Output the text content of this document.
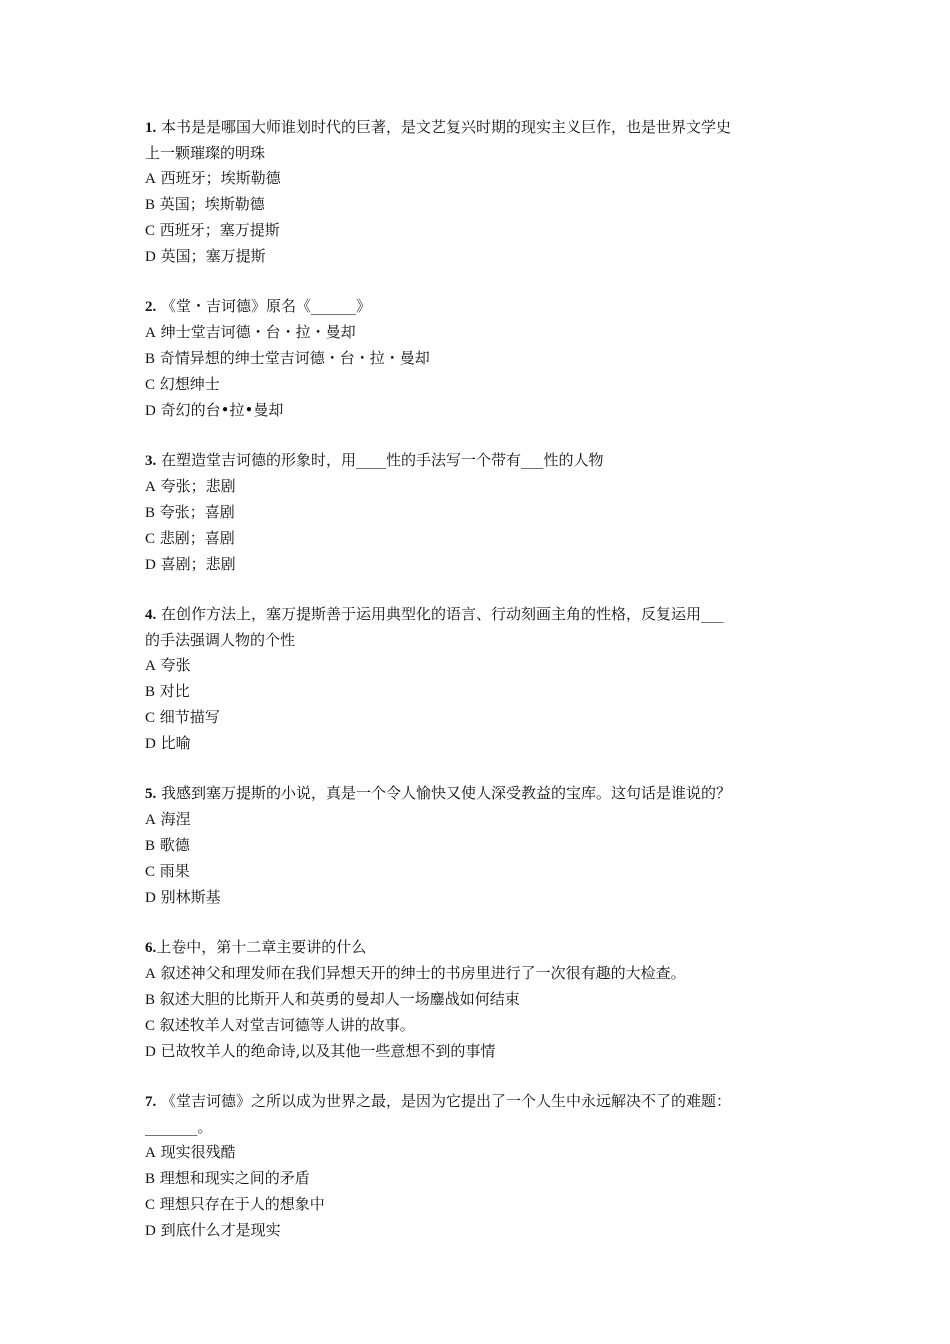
1. 本书是是哪国大师谁划时代的巨著，是文艺复兴时期的现实主义巨作，也是世界文学史
上一颗璀璨的明珠
A 西班牙；埃斯勒德
B 英国；埃斯勒德
C 西班牙；塞万提斯
D 英国；塞万提斯
2. 《堂・吉诃德》原名《______》
A 绅士堂吉诃德・台・拉・曼却
B 奇情异想的绅士堂吉诃德・台・拉・曼却
C 幻想绅士
D 奇幻的台•拉•曼却
3. 在塑造堂吉诃德的形象时，用____性的手法写一个带有___性的人物
A 夸张；悲剧
B 夸张；喜剧
C 悲剧；喜剧
D 喜剧；悲剧
4. 在创作方法上，塞万提斯善于运用典型化的语言、行动刻画主角的性格，反复运用___
的手法强调人物的个性
A 夸张
B 对比
C 细节描写
D 比喻
5. 我感到塞万提斯的小说，真是一个令人愉快又使人深受教益的宝库。这句话是谁说的？
A 海涅
B 歌德
C 雨果
D 别林斯基
6.上卷中，第十二章主要讲的什么
A 叙述神父和理发师在我们异想天开的绅士的书房里进行了一次很有趣的大检查。
B 叙述大胆的比斯开人和英勇的曼却人一场鏖战如何结束
C 叙述牧羊人对堂吉诃德等人讲的故事。
D 已故牧羊人的绝命诗,以及其他一些意想不到的事情
7. 《堂吉诃德》之所以成为世界之最，是因为它提出了一个人生中永远解决不了的难题：
_______。
A 现实很残酷
B 理想和现实之间的矛盾
C 理想只存在于人的想象中
D 到底什么才是现实
